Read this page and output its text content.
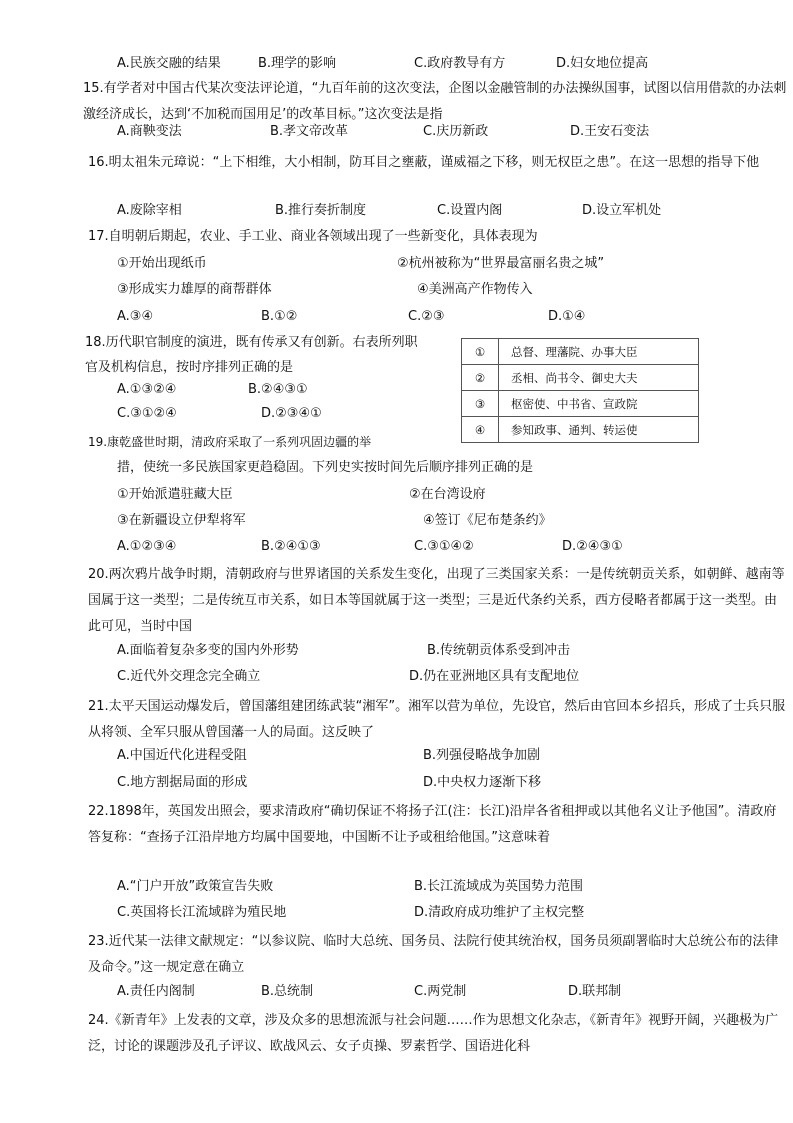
A.民族交融的结果	B.理学的影响	C.政府教导有方	D.妇女地位提高
15.有学者对中国古代某次变法评论道，“九百年前的这次变法，企图以金融管制的办法操纵国事，试图以信用借款的办法刺激经济成长，达到‘不加税而国用足’的改革目标。”这次变法是指
A.商鞅变法	B.孝文帝改革	C.庆历新政	D.王安石变法
16.明太祖朱元璋说：“上下相维，大小相制，防耳目之壅蔽，谨威福之下移，则无权臣之患”。在这一思想的指导下他
A.废除宰相	B.推行奏折制度	C.设置内阁	D.设立军机处
17.自明朝后期起，农业、手工业、商业各领域出现了一些新变化，具体表现为
①开始出现纸币	②杭州被称为“世界最富丽名贵之城”
③形成实力雄厚的商帮群体	④美洲高产作物传入
A.③④	B.①②	C.②③	D.①④
18.历代职官制度的演进，既有传承又有创新。右表所列职
官及机构信息，按时序排列正确的是
A.①③②④	B.②④③①
C.③①②④	D.②③④①
①	总督、理藩院、办事大臣
②	丞相、尚书令、御史大夫
③	枢密使、中书省、宣政院
④	参知政事、通判、转运使
19.康乾盛世时期，清政府采取了一系列巩固边疆的举
措，使统一多民族国家更趋稳固。下列史实按时间先后顺序排列正确的是
①开始派遣驻藏大臣	②在台湾设府
③在新疆设立伊犁将军	④签订《尼布楚条约》
A.①②③④	B.②④①③	C.③①④②	D.②④③①
20.两次鸦片战争时期，清朝政府与世界诸国的关系发生变化，出现了三类国家关系：一是传统朝贡关系，如朝鲜、越南等国属于这一类型；二是传统互市关系，如日本等国就属于这一类型；三是近代条约关系，西方侵略者都属于这一类型。由此可见，当时中国
A.面临着复杂多变的国内外形势	B.传统朝贡体系受到冲击
C.近代外交理念完全确立	D.仍在亚洲地区具有支配地位
21.太平天国运动爆发后，曾国藩组建团练武装“湘军”。湘军以营为单位，先设官，然后由官回本乡招兵，形成了士兵只服从将领、全军只服从曾国藩一人的局面。这反映了
A.中国近代化进程受阻	B.列强侵略战争加剧
C.地方割据局面的形成	D.中央权力逐渐下移
22.1898年，英国发出照会，要求清政府“确切保证不将扬子江(注：长江)沿岸各省租押或以其他名义让予他国”。清政府答复称：“查扬子江沿岸地方均属中国要地，中国断不让予或租给他国。”这意味着
A.“门户开放”政策宣告失败	B.长江流域成为英国势力范围
C.英国将长江流域辟为殖民地	D.清政府成功维护了主权完整
23.近代某一法律文献规定：“以参议院、临时大总统、国务员、法院行使其统治权，国务员须副署临时大总统公布的法律及命令。”这一规定意在确立
A.责任内阁制	B.总统制	C.两党制	D.联邦制
24.《新青年》上发表的文章，涉及众多的思想流派与社会问题……作为思想文化杂志，《新青年》视野开阔，兴趣极为广泛，讨论的课题涉及孔子评议、欧战风云、女子贞操、罗素哲学、国语进化科
